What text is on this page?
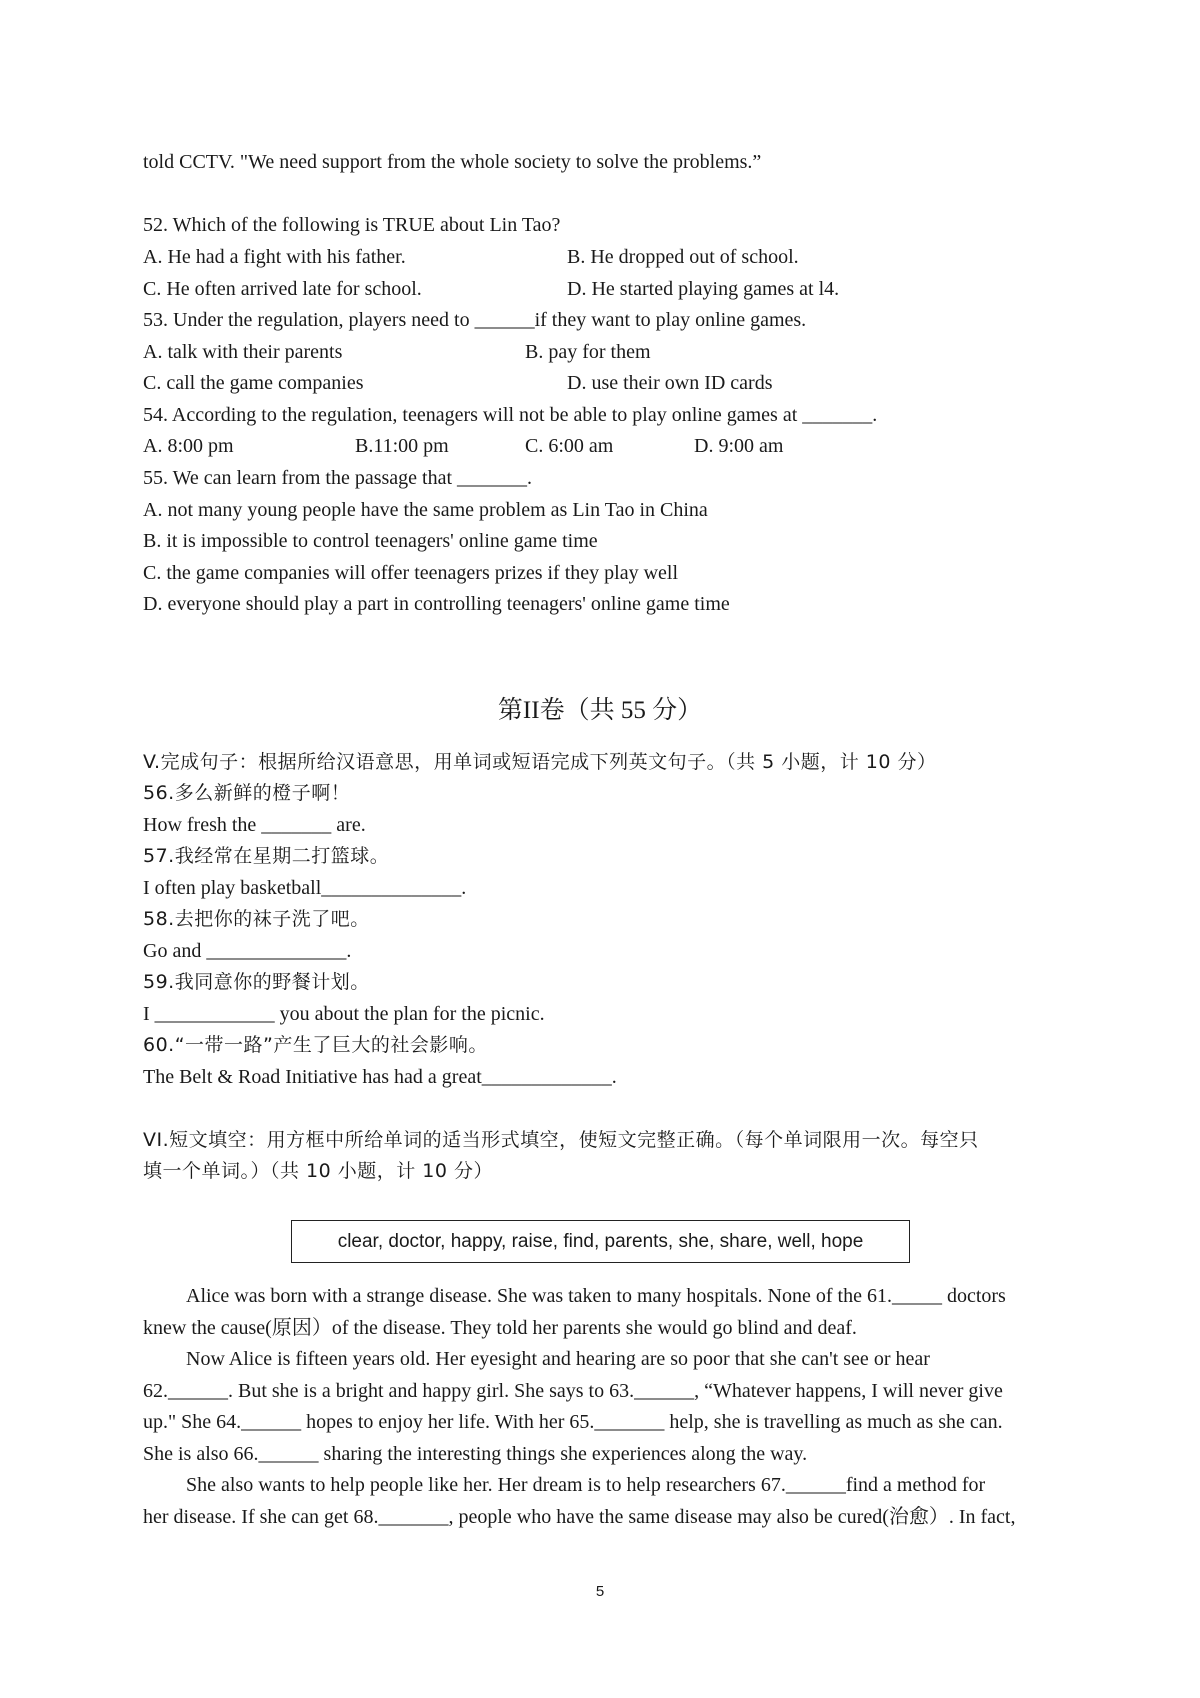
told CCTV. "We need support from the whole society to solve the problems.”
52. Which of the following is TRUE about Lin Tao?
A. He had a fight with his father.	B. He dropped out of school.
C. He often arrived late for school.	D. He started playing games at l4.
53. Under the regulation, players need to ______if they want to play online games.
A. talk with their parents	B. pay for them
C. call the game companies	D. use their own ID cards
54. According to the regulation, teenagers will not be able to play online games at _______.
A. 8:00 pm	B.11:00 pm	C. 6:00 am	D. 9:00 am
55. We can learn from the passage that _______.
A. not many young people have the same problem as Lin Tao in China
B. it is impossible to control teenagers' online game time
C. the game companies will offer teenagers prizes if they play well
D. everyone should play a part in controlling teenagers' online game time
第II卷（共 55 分）
V.完成句子：根据所给汉语意思，用单词或短语完成下列英文句子。（共 5 小题，计 10 分）
56.多么新鲜的橙子啊！
How fresh the _______ are.
57.我经常在星期二打篮球。
I often play basketball______________.
58.去把你的袜子洗了吧。
Go and ______________.
59.我同意你的野餐计划。
I ____________ you about the plan for the picnic.
60.“一带一路”产生了巨大的社会影响。
The Belt & Road Initiative has had a great_____________.
VI.短文填空：用方框中所给单词的适当形式填空，使短文完整正确。（每个单词限用一次。每空只
填一个单词。）（共 10 小题，计 10 分）
clear, doctor, happy, raise, find, parents, she, share, well, hope
Alice was born with a strange disease. She was taken to many hospitals. None of the 61._____ doctors
knew the cause(原因）of the disease. They told her parents she would go blind and deaf.
Now Alice is fifteen years old. Her eyesight and hearing are so poor that she can't see or hear
62.______. But she is a bright and happy girl. She says to 63.______, “Whatever happens, I will never give
up." She 64.______ hopes to enjoy her life. With her 65._______ help, she is travelling as much as she can.
She is also 66.______ sharing the interesting things she experiences along the way.
She also wants to help people like her. Her dream is to help researchers 67.______find a method for
her disease. If she can get 68._______, people who have the same disease may also be cured(治愈）. In fact,
5
